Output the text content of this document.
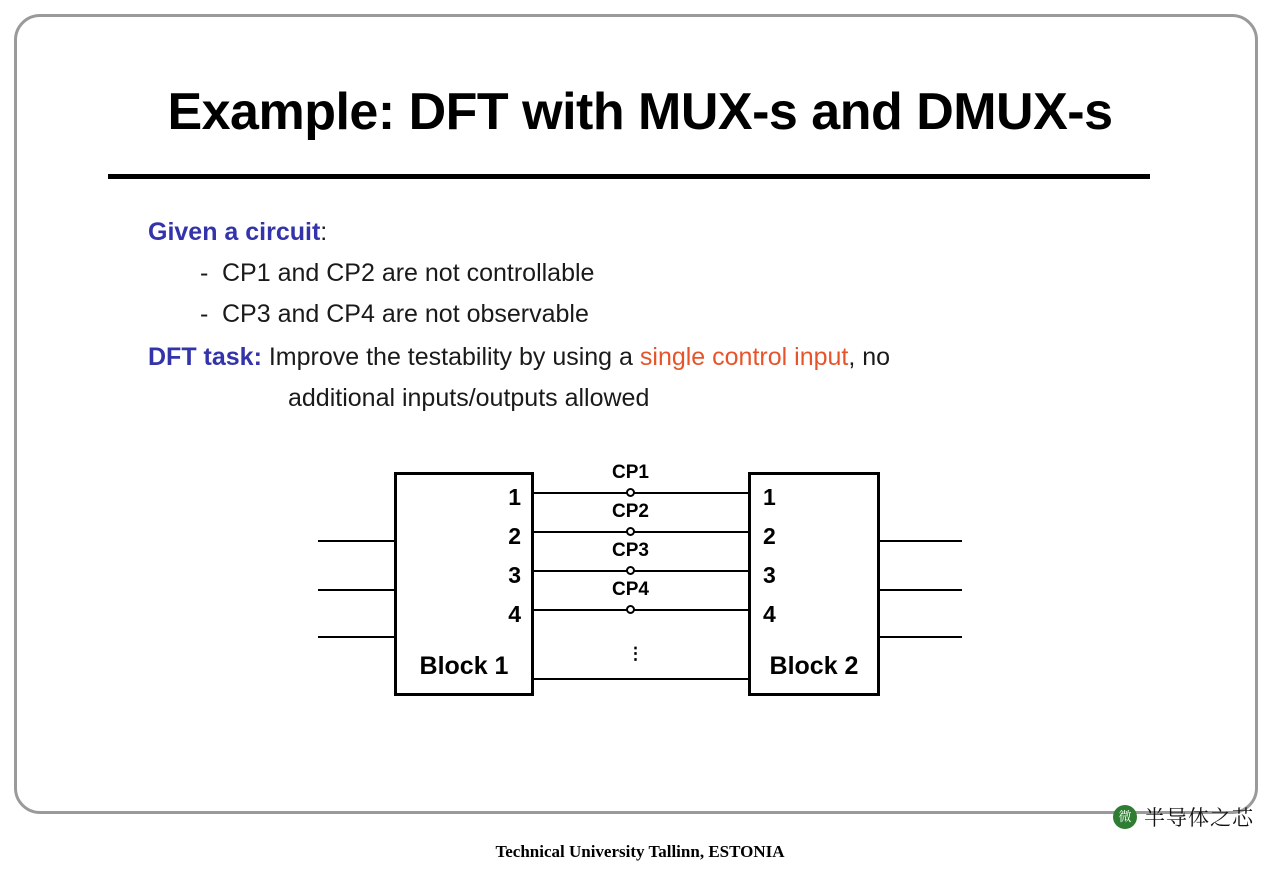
Example: DFT with MUX-s and DMUX-s
Given a circuit:
- CP1 and CP2 are not controllable
- CP3 and CP4 are not observable
DFT task: Improve the testability by using a single control input, no
additional inputs/outputs allowed
CP1
CP2
CP3
CP4
⋮
1
2
3
4
Block 1
1
2
3
4
Block 2
微 半导体之芯
Technical University Tallinn, ESTONIA
